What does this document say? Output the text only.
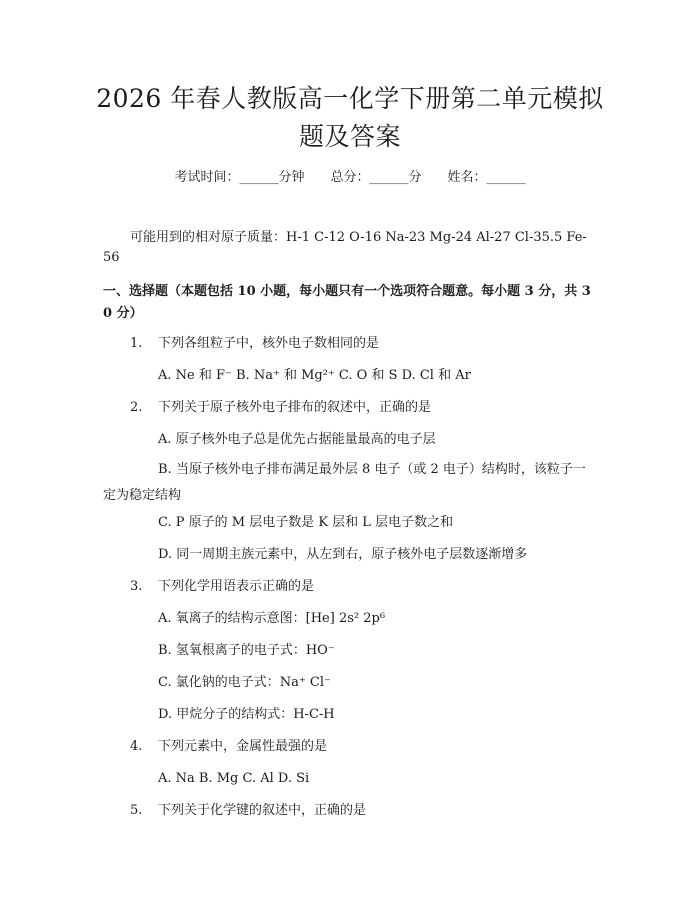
2026 年春人教版高一化学下册第二单元模拟题及答案
考试时间：______分钟 总分：______分 姓名：______
可能用到的相对原子质量：H-1 C-12 O-16 Na-23 Mg-24 Al-27 Cl-35.5 Fe-56
一、选择题（本题包括 10 小题，每小题只有一个选项符合题意。每小题 3 分，共 30 分）
1. 下列各组粒子中，核外电子数相同的是
A. Ne 和 F⁻ B. Na⁺ 和 Mg²⁺ C. O 和 S D. Cl 和 Ar
2. 下列关于原子核外电子排布的叙述中，正确的是
A. 原子核外电子总是优先占据能量最高的电子层
B. 当原子核外电子排布满足最外层 8 电子（或 2 电子）结构时，该粒子一定为稳定结构
C. P 原子的 M 层电子数是 K 层和 L 层电子数之和
D. 同一周期主族元素中，从左到右，原子核外电子层数逐渐增多
3. 下列化学用语表示正确的是
A. 氧离子的结构示意图：[He] 2s² 2p⁶
B. 氢氧根离子的电子式：HO⁻
C. 氯化钠的电子式：Na⁺ Cl⁻
D. 甲烷分子的结构式：H-C-H
4. 下列元素中，金属性最强的是
A. Na B. Mg C. Al D. Si
5. 下列关于化学键的叙述中，正确的是
